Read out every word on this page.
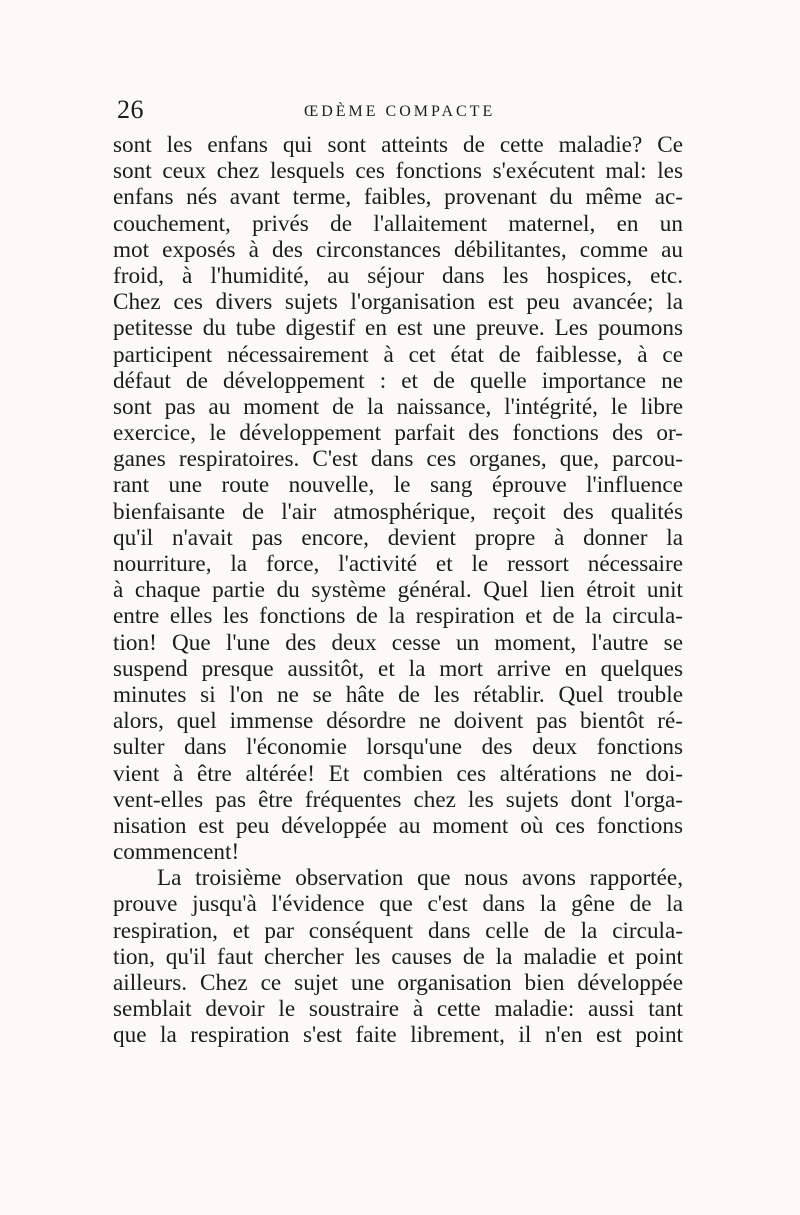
26	ŒDÈME COMPACTE
sont les enfans qui sont atteints de cette maladie? Ce
sont ceux chez lesquels ces fonctions s'exécutent mal: les
enfans nés avant terme, faibles, provenant du même ac-
couchement, privés de l'allaitement maternel, en un
mot exposés à des circonstances débilitantes, comme au
froid, à l'humidité, au séjour dans les hospices, etc.
Chez ces divers sujets l'organisation est peu avancée; la
petitesse du tube digestif en est une preuve. Les poumons
participent nécessairement à cet état de faiblesse, à ce
défaut de développement : et de quelle importance ne
sont pas au moment de la naissance, l'intégrité, le libre
exercice, le développement parfait des fonctions des or-
ganes respiratoires. C'est dans ces organes, que, parcou-
rant une route nouvelle, le sang éprouve l'influence
bienfaisante de l'air atmosphérique, reçoit des qualités
qu'il n'avait pas encore, devient propre à donner la
nourriture, la force, l'activité et le ressort nécessaire
à chaque partie du système général. Quel lien étroit unit
entre elles les fonctions de la respiration et de la circula-
tion! Que l'une des deux cesse un moment, l'autre se
suspend presque aussitôt, et la mort arrive en quelques
minutes si l'on ne se hâte de les rétablir. Quel trouble
alors, quel immense désordre ne doivent pas bientôt ré-
sulter dans l'économie lorsqu'une des deux fonctions
vient à être altérée! Et combien ces altérations ne doi-
vent-elles pas être fréquentes chez les sujets dont l'orga-
nisation est peu développée au moment où ces fonctions
commencent!
La troisième observation que nous avons rapportée,
prouve jusqu'à l'évidence que c'est dans la gêne de la
respiration, et par conséquent dans celle de la circula-
tion, qu'il faut chercher les causes de la maladie et point
ailleurs. Chez ce sujet une organisation bien développée
semblait devoir le soustraire à cette maladie: aussi tant
que la respiration s'est faite librement, il n'en est point
